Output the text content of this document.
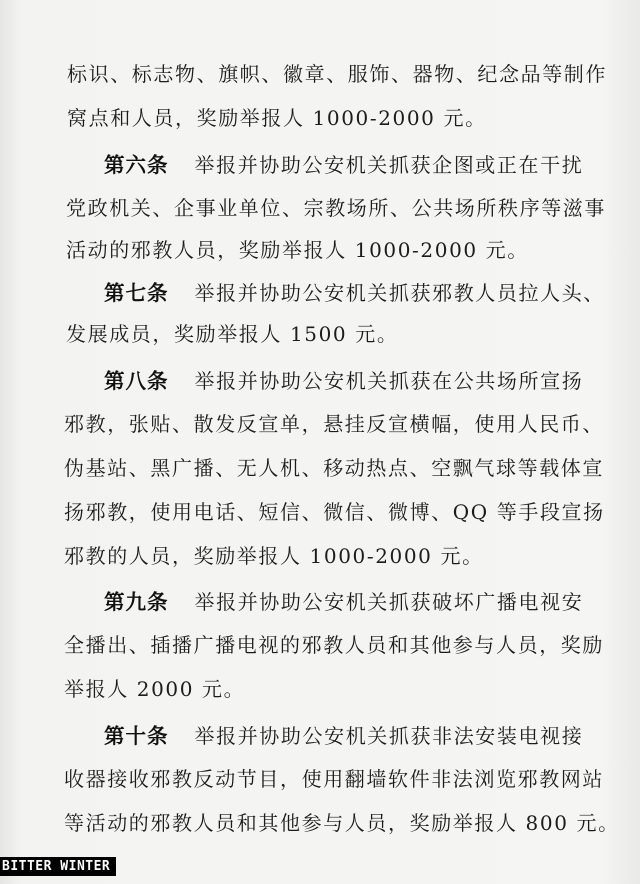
标识、标志物、旗帜、徽章、服饰、器物、纪念品等制作
窝点和人员，奖励举报人 1000-2000 元。
第六条 举报并协助公安机关抓获企图或正在干扰
党政机关、企事业单位、宗教场所、公共场所秩序等滋事
活动的邪教人员，奖励举报人 1000-2000 元。
第七条 举报并协助公安机关抓获邪教人员拉人头、
发展成员，奖励举报人 1500 元。
第八条 举报并协助公安机关抓获在公共场所宣扬
邪教，张贴、散发反宣单，悬挂反宣横幅，使用人民币、
伪基站、黑广播、无人机、移动热点、空飘气球等载体宣
扬邪教，使用电话、短信、微信、微博、QQ 等手段宣扬
邪教的人员，奖励举报人 1000-2000 元。
第九条 举报并协助公安机关抓获破坏广播电视安
全播出、插播广播电视的邪教人员和其他参与人员，奖励
举报人 2000 元。
第十条 举报并协助公安机关抓获非法安装电视接
收器接收邪教反动节目，使用翻墙软件非法浏览邪教网站
等活动的邪教人员和其他参与人员，奖励举报人 800 元。
BITTER WINTER
